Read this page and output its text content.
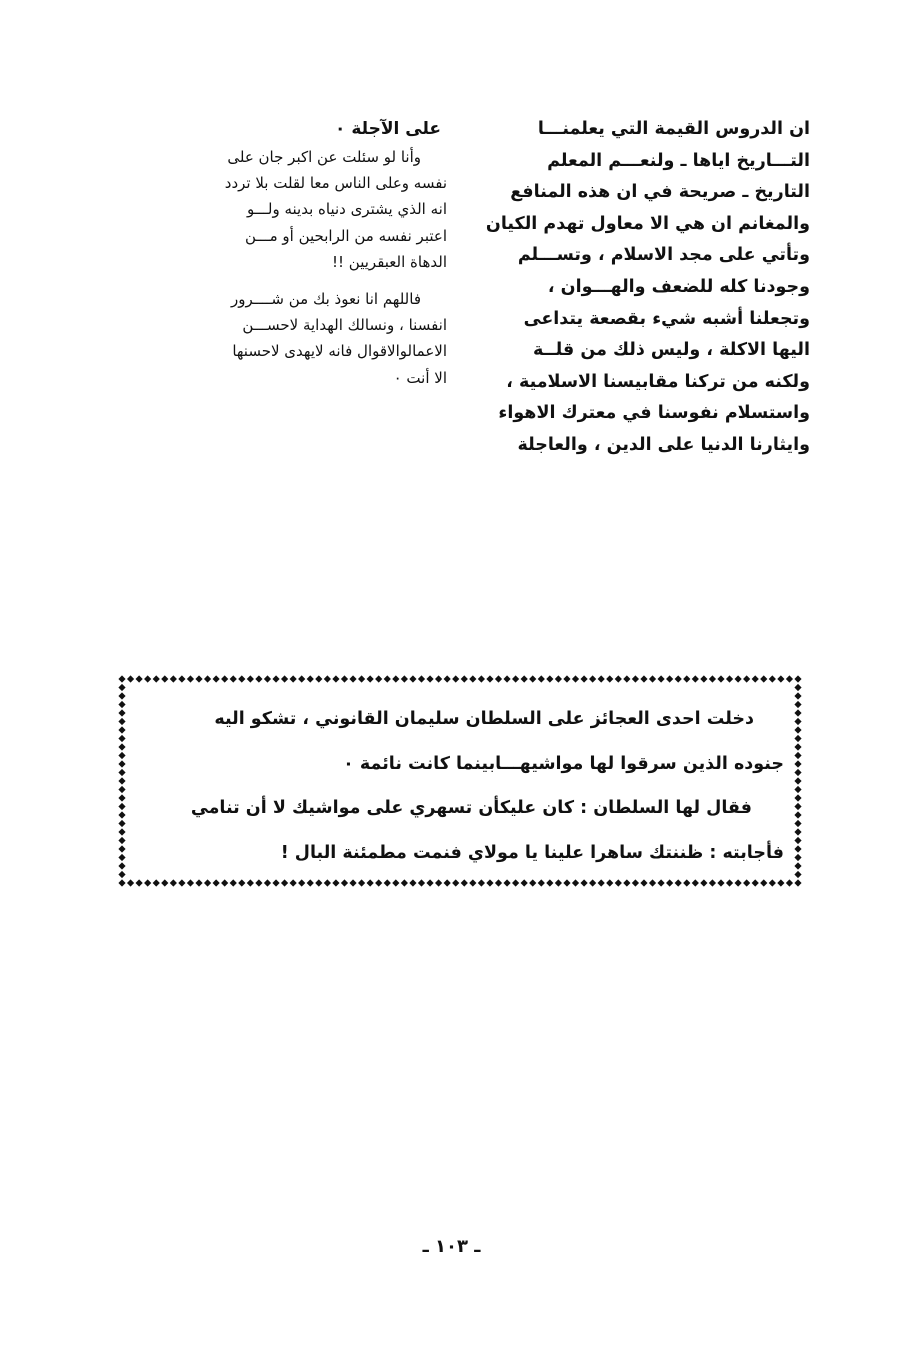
ان الدروس القيمة التي يعلمنـــا
التـــاريخ اياها ـ ولنعـــم المعلم
التاريخ ـ صريحة في ان هذه المنافع
والمغانم ان هي الا معاول تهدم الكيان
وتأتي على مجد الاسلام ، وتســـلم
وجودنا كله للضعف والهـــوان ،
وتجعلنا أشبه شيء بقصعة يتداعى
اليها الاكلة ، وليس ذلك من قلــة
ولكنه من تركنا مقابيسنا الاسلامية ،
واستسلام نفوسنا في معترك الاهواء
وايثارنا الدنيا على الدين ، والعاجلة
على الآجلة ٠
وأنا لو سئلت عن اكبر جان على
نفسه وعلى الناس معا لقلت بلا تردد
انه الذي يشترى دنياه بدينه ولـــو
اعتبر نفسه من الرابحين أو مـــن
الدهاة العبقريين !!
فاللهم انا نعوذ بك من شــــرور
انفسنا ، ونسالك الهداية لاحســـن
الاعمالوالاقوال فانه لايهدى لاحسنها
الا أنت ٠
دخلت احدى العجائز على السلطان سليمان القانوني ، تشكو اليه
جنوده الذين سرقوا لها مواشيهـــابينما كانت نائمة ٠
فقال لها السلطان : كان عليكأن تسهري على مواشيك لا أن تنامي
فأجابته : ظننتك ساهرا علينا يا مولاي فنمت مطمئنة البال !
ـ ١٠٣ ـ
